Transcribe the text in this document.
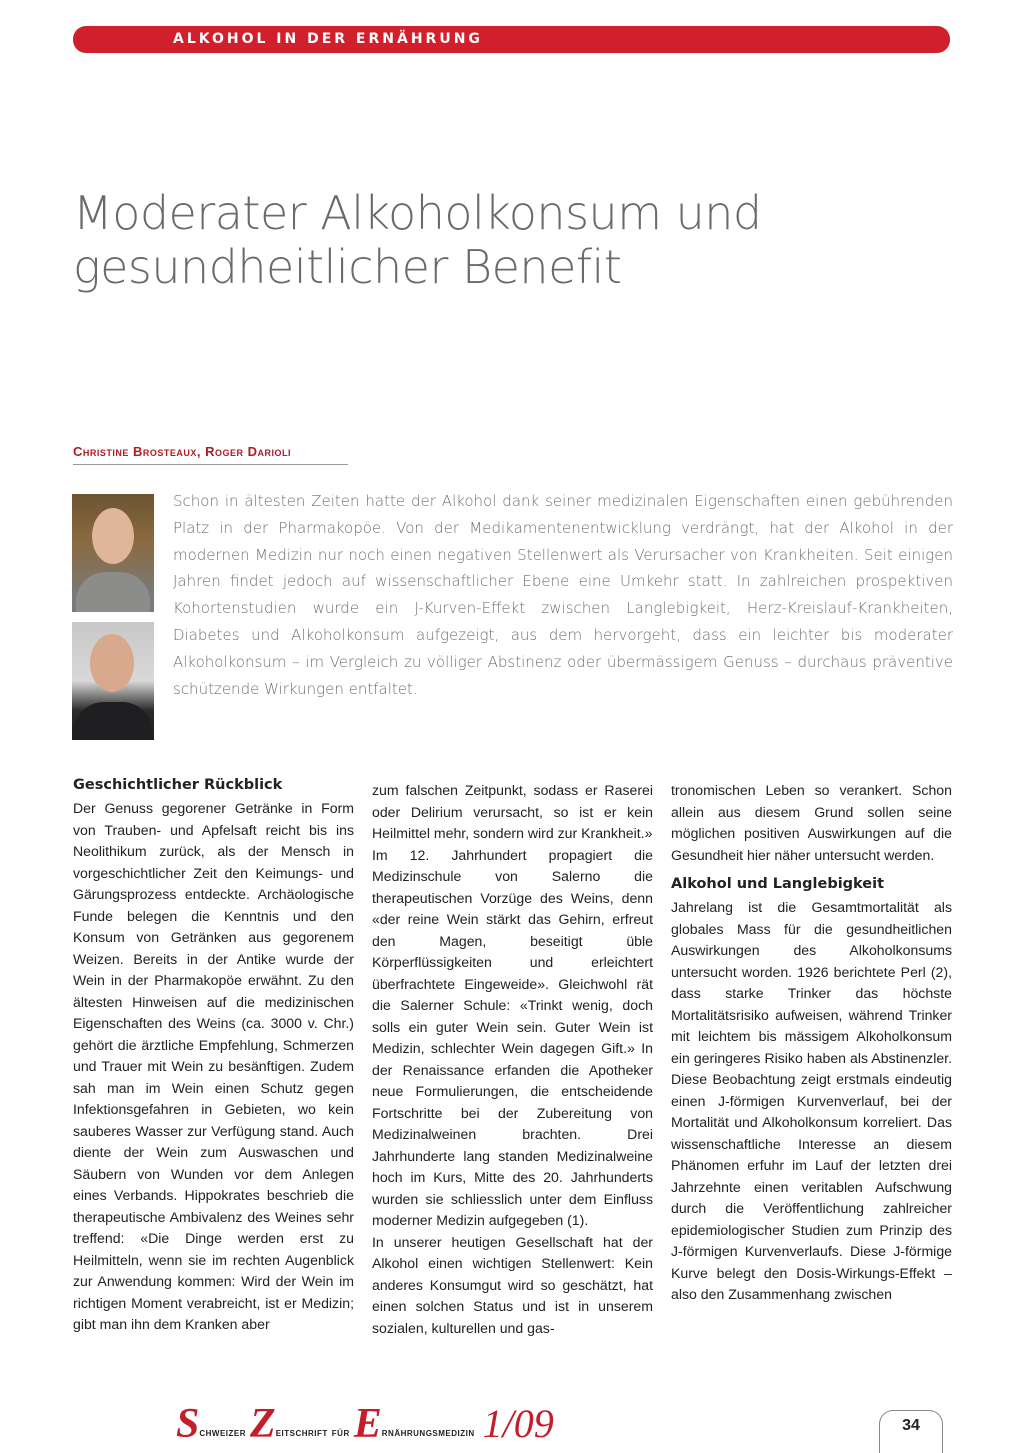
ALKOHOL IN DER ERNÄHRUNG
Moderater Alkoholkonsum und
gesundheitlicher Benefit
Christine Brosteaux, Roger Darioli

Schon in ältesten Zeiten hatte der Alkohol dank seiner medizinalen Eigenschaften einen gebührenden Platz in der Pharmakopöe. Von der Medikamentenentwicklung verdrängt, hat der Alkohol in der modernen Medizin nur noch einen negativen Stellenwert als Verursacher von Krankheiten. Seit einigen Jahren findet jedoch auf wissenschaftlicher Ebene eine Umkehr statt. In zahlreichen prospektiven Kohortenstudien wurde ein J-Kurven-Effekt zwischen Langlebigkeit, Herz-Kreislauf-Krankheiten, Diabetes und Alkoholkonsum aufgezeigt, aus dem hervorgeht, dass ein leichter bis moderater Alkoholkonsum – im Vergleich zu völliger Abstinenz oder übermässigem Genuss – durchaus präventive schützende Wirkungen entfaltet.

Geschichtlicher Rückblick

Der Genuss gegorener Getränke in Form von Trauben- und Apfelsaft reicht bis ins Neolithikum zurück, als der Mensch in vorgeschichtlicher Zeit den Keimungs- und Gärungsprozess entdeckte. Archäologische Funde belegen die Kenntnis und den Konsum von Getränken aus gegorenem Weizen. Bereits in der Antike wurde der Wein in der Pharmakopöe erwähnt. Zu den ältesten Hinweisen auf die medizinischen Eigenschaften des Weins (ca. 3000 v. Chr.) gehört die ärztliche Empfehlung, Schmerzen und Trauer mit Wein zu besänftigen. Zudem sah man im Wein einen Schutz gegen Infektionsgefahren in Gebieten, wo kein sauberes Wasser zur Verfügung stand. Auch diente der Wein zum Auswaschen und Säubern von Wunden vor dem Anlegen eines Verbands. Hippokrates beschrieb die therapeutische Ambivalenz des Weines sehr treffend: «Die Dinge werden erst zu Heilmitteln, wenn sie im rechten Augenblick zur Anwendung kommen: Wird der Wein im richtigen Moment verabreicht, ist er Medizin; gibt man ihn dem Kranken aber

zum falschen Zeitpunkt, sodass er Raserei oder Delirium verursacht, so ist er kein Heilmittel mehr, sondern wird zur Krankheit.»

Im 12. Jahrhundert propagiert die Medizinschule von Salerno die therapeutischen Vorzüge des Weins, denn «der reine Wein stärkt das Gehirn, erfreut den Magen, beseitigt üble Körperflüssigkeiten und erleichtert überfrachtete Eingeweide». Gleichwohl rät die Salerner Schule: «Trinkt wenig, doch solls ein guter Wein sein. Guter Wein ist Medizin, schlechter Wein dagegen Gift.» In der Renaissance erfanden die Apotheker neue Formulierungen, die entscheidende Fortschritte bei der Zubereitung von Medizinalweinen brachten. Drei Jahrhunderte lang standen Medizinalweine hoch im Kurs, Mitte des 20. Jahrhunderts wurden sie schliesslich unter dem Einfluss moderner Medizin aufgegeben (1).

In unserer heutigen Gesellschaft hat der Alkohol einen wichtigen Stellenwert: Kein anderes Konsumgut wird so geschätzt, hat einen solchen Status und ist in unserem sozialen, kulturellen und gas-

tronomischen Leben so verankert. Schon allein aus diesem Grund sollen seine möglichen positiven Auswirkungen auf die Gesundheit hier näher untersucht werden.

Alkohol und Langlebigkeit

Jahrelang ist die Gesamtmortalität als globales Mass für die gesundheitlichen Auswirkungen des Alkoholkonsums untersucht worden. 1926 berichtete Perl (2), dass starke Trinker das höchste Mortalitätsrisiko aufweisen, während Trinker mit leichtem bis mässigem Alkoholkonsum ein geringeres Risiko haben als Abstinenzler. Diese Beobachtung zeigt erstmals eindeutig einen J-förmigen Kurvenverlauf, bei der Mortalität und Alkoholkonsum korreliert. Das wissenschaftliche Interesse an diesem Phänomen erfuhr im Lauf der letzten drei Jahrzehnte einen veritablen Aufschwung durch die Veröffentlichung zahlreicher epidemiologischer Studien zum Prinzip des J-förmigen Kurvenverlaufs. Diese J-förmige Kurve belegt den Dosis-Wirkungs-Effekt – also den Zusammenhang zwischen

SCHWEIZER ZEITSCHRIFT FÜR ERNÄHRUNGSMEDIZIN 1/09	34
